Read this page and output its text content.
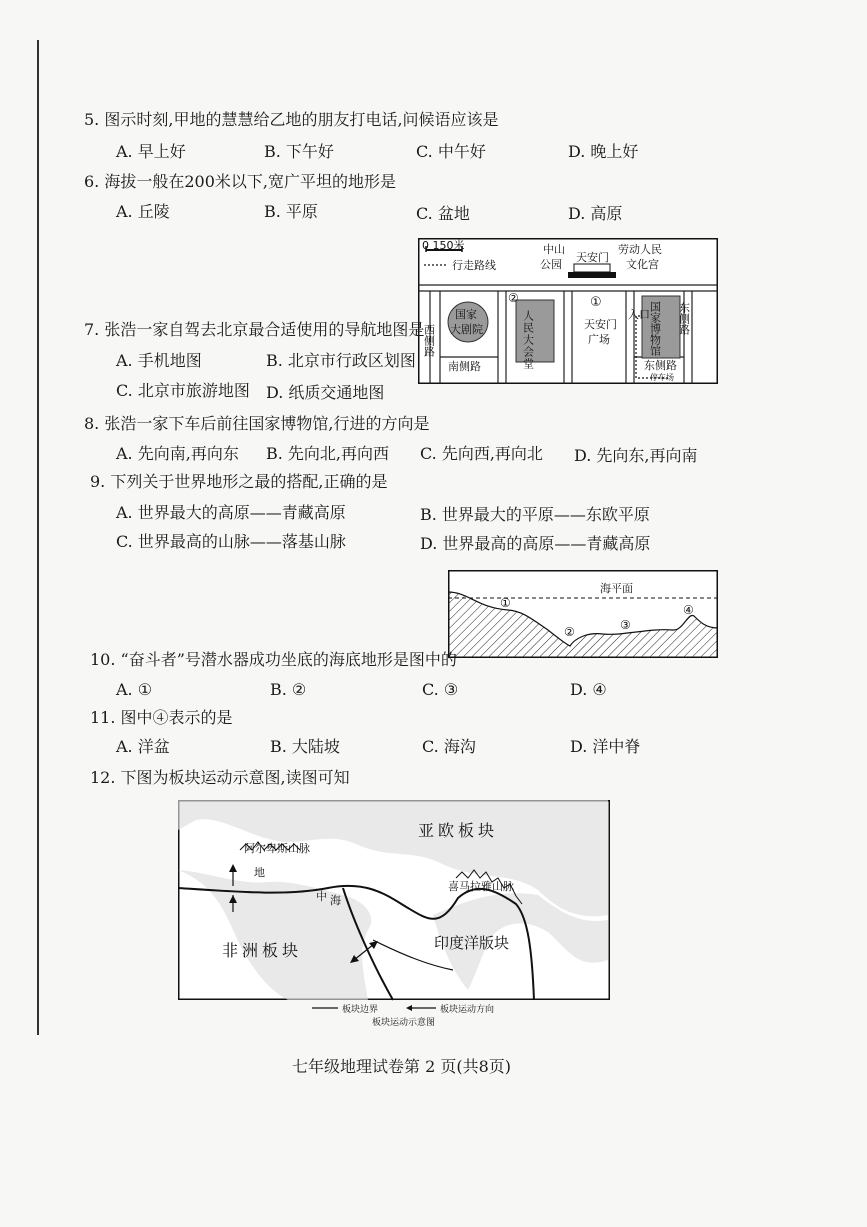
5. 图示时刻,甲地的慧慧给乙地的朋友打电话,问候语应该是
A. 早上好	B. 下午好	C. 中午好	D. 晚上好
6. 海拔一般在200米以下,宽广平坦的地形是
A. 丘陵	B. 平原	C. 盆地	D. 高原
0 150米
行走路线
中山
公园
天安门
劳动人民
文化宫
国家
大剧院	人民大会堂
②	①
天安门
广场	国家博物馆
入口
西侧路
东侧路
南侧路	东侧路
停车场
7. 张浩一家自驾去北京最合适使用的导航地图是
A. 手机地图	B. 北京市行政区划图
C. 北京市旅游地图 D. 纸质交通地图
8. 张浩一家下车后前往国家博物馆,行进的方向是
A. 先向南,再向东 B. 先向北,再向西 C. 先向西,再向北 D. 先向东,再向南
9. 下列关于世界地形之最的搭配,正确的是
A. 世界最大的高原——青藏高原	B. 世界最大的平原——东欧平原
C. 世界最高的山脉——落基山脉	D. 世界最高的高原——青藏高原
海平面
①
②	③
④
10. “奋斗者”号潜水器成功坐底的海底地形是图中的
A. ①	B. ②	C. ③	D. ④
11. 图中④表示的是
A. 洋盆	B. 大陆坡	C. 海沟	D. 洋中脊
12. 下图为板块运动示意图,读图可知
亚欧板块
非洲板块	印度洋版块
阿尔卑斯山脉
喜马拉雅山脉
地
中 海
板块边界	板块运动方向
板块运动示意图
七年级地理试卷第 2 页(共8页)
